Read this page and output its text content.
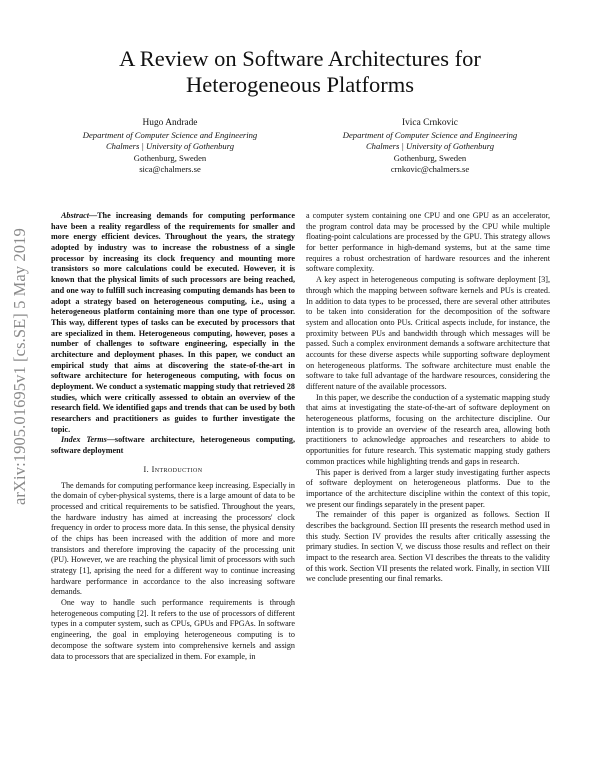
A Review on Software Architectures for
Heterogeneous Platforms
Hugo Andrade
Department of Computer Science and Engineering
Chalmers | University of Gothenburg
Gothenburg, Sweden
sica@chalmers.se
Ivica Crnkovic
Department of Computer Science and Engineering
Chalmers | University of Gothenburg
Gothenburg, Sweden
crnkovic@chalmers.se
arXiv:1905.01695v1 [cs.SE] 5 May 2019

Abstract—The increasing demands for computing performance have been a reality regardless of the requirements for smaller and more energy efficient devices. Throughout the years, the strategy adopted by industry was to increase the robustness of a single processor by increasing its clock frequency and mounting more transistors so more calculations could be executed. However, it is known that the physical limits of such processors are being reached, and one way to fulfill such increasing computing demands has been to adopt a strategy based on heterogeneous computing, i.e., using a heterogeneous platform containing more than one type of processor. This way, different types of tasks can be executed by processors that are specialized in them. Heterogeneous computing, however, poses a number of challenges to software engineering, especially in the architecture and deployment phases. In this paper, we conduct an empirical study that aims at discovering the state-of-the-art in software architecture for heterogeneous computing, with focus on deployment. We conduct a systematic mapping study that retrieved 28 studies, which were critically assessed to obtain an overview of the research field. We identified gaps and trends that can be used by both researchers and practitioners as guides to further investigate the topic.

Index Terms—software architecture, heterogeneous computing, software deployment

I. Introduction

The demands for computing performance keep increasing. Especially in the domain of cyber-physical systems, there is a large amount of data to be processed and critical requirements to be satisfied. Throughout the years, the hardware industry has aimed at increasing the processors' clock frequency in order to process more data. In this sense, the physical density of the chips has been increased with the addition of more and more transistors and therefore improving the capacity of the processing unit (PU). However, we are reaching the physical limit of processors with such strategy [1], aprising the need for a different way to continue increasing hardware performance in accordance to the also increasing software demands.

One way to handle such performance requirements is through heterogeneous computing [2]. It refers to the use of processors of different types in a computer system, such as CPUs, GPUs and FPGAs. In software engineering, the goal in employing heterogeneous computing is to decompose the software system into comprehensive kernels and assign data to processors that are specialized in them. For example, in

a computer system containing one CPU and one GPU as an accelerator, the program control data may be processed by the CPU while multiple floating-point calculations are processed by the GPU. This strategy allows for better performance in high-demand systems, but at the same time requires a robust orchestration of hardware resources and the inherent software complexity.

A key aspect in heterogeneous computing is software deployment [3], through which the mapping between software kernels and PUs is created. In addition to data types to be processed, there are several other attributes to be taken into consideration for the decomposition of the software system and allocation onto PUs. Critical aspects include, for instance, the proximity between PUs and bandwidth through which messages will be passed. Such a complex environment demands a software architecture that accounts for these diverse aspects while supporting software deployment on heterogeneous platforms. The software architecture must enable the software to take full advantage of the hardware resources, considering the different nature of the available processors.

In this paper, we describe the conduction of a systematic mapping study that aims at investigating the state-of-the-art of software deployment on heterogeneous platforms, focusing on the architecture discipline. Our intention is to provide an overview of the research area, allowing both practitioners to acknowledge approaches and researchers to abide to opportunities for future research. This systematic mapping study gathers common practices while highlighting trends and gaps in research.

This paper is derived from a larger study investigating further aspects of software deployment on heterogeneous platforms. Due to the importance of the architecture discipline within the context of this topic, we present our findings separately in the present paper.

The remainder of this paper is organized as follows. Section II describes the background. Section III presents the research method used in this study. Section IV provides the results after critically assessing the primary studies. In section V, we discuss those results and reflect on their impact to the research area. Section VI describes the threats to the validity of this work. Section VII presents the related work. Finally, in section VIII we conclude presenting our final remarks.
